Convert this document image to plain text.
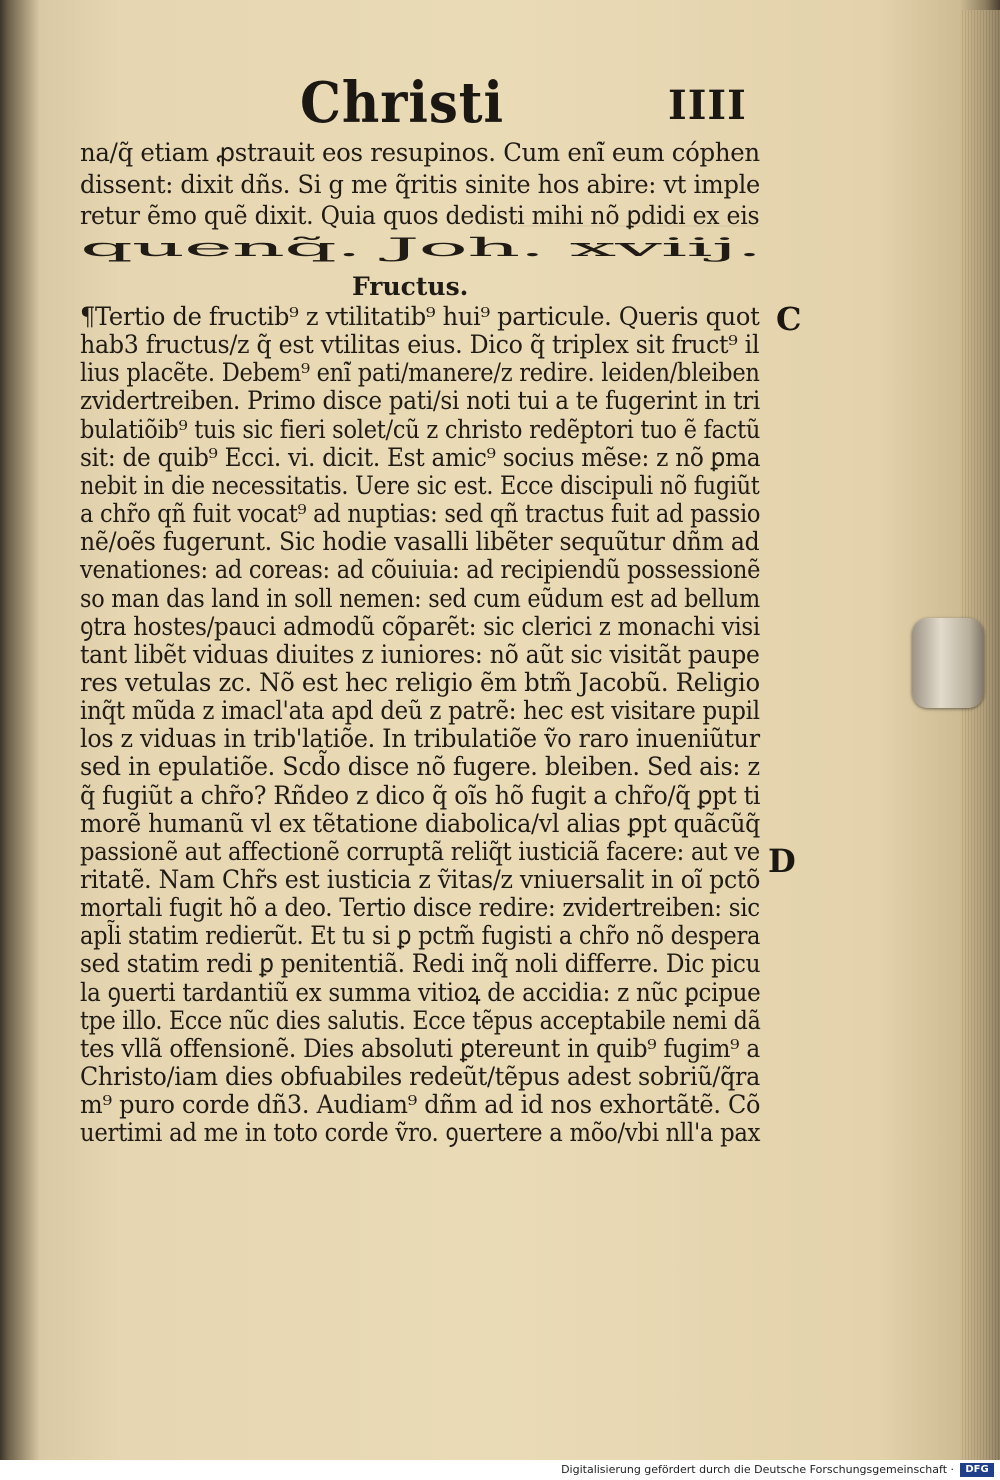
Christi	IIII
na/q̃ etiam ꝓstrauit eos resupinos. Cum eni̇̃ eum cóphen
dissent: dixit dñs. Si g me q̃ritis sinite hos abire: vt imple
retur ẽmo quẽ dixit. Quia quos dedisti mihi nõ ꝑdidi ex eis
quenq̃. Joh. xviij.
Fructus.
¶Tertio de fructib⁹ z vtilitatib⁹ hui⁹ particule. Queris quot
hab3 fructus/z q̃ est vtilitas eius. Dico q̃ triplex sit fruct⁹ il
lius placẽte. Debem⁹ eni̇̃ pati/manere/z redire. leiden/bleiben
zvidertreiben. Primo disce pati/si noti tui a te fugerint in tri
bulatiõib⁹ tuis sic fieri solet/cũ z christo redẽptori tuo ẽ factũ
sit: de quib⁹ Ecci. vi. dicit. Est amic⁹ socius mẽse: z nõ ꝑma
nebit in die necessitatis. Uere sic est. Ecce discipuli nõ fugiũt
a chr̃o qñ fuit vocat⁹ ad nuptias: sed qñ tractus fuit ad passio
nẽ/oẽs fugerunt. Sic hodie vasalli libẽter sequũtur dñm ad
venationes: ad coreas: ad cõuiuia: ad recipiendũ possessionẽ
so man das land in soll nemen: sed cum eũdum est ad bellum
ꝯtra hostes/pauci admodũ cõparẽt: sic clerici z monachi visi
tant libẽt viduas diuites z iuniores: nõ aũt sic visitãt paupe
res vetulas zc. Nõ est hec religio ẽm btm̃ Jacobũ. Religio
inq̃t mũda z imacl'ata apd deũ z patrẽ: hec est visitare pupil
los z viduas in trib'latiõe. In tribulatiõe ṽo raro inueniũtur
sed in epulatiõe. Scd̃o disce nõ fugere. bleiben. Sed ais: z
q̃ fugiũt a chr̃o? Rñdeo z dico q̃ oĩs hõ fugit a chr̃o/q̃ ꝑpt ti
morẽ humanũ vl ex tẽtatione diabolica/vl alias ꝑpt quãcũq̃
passionẽ aut affectionẽ corruptã reliq̃t iusticiã facere: aut ve
ritatẽ. Nam Chr̃s est iusticia z ṽitas/z vniuersalit in oĩ pctõ
mortali fugit hõ a deo. Tertio disce redire: zvidertreiben: sic
apl̃i statim redierũt. Et tu si ꝑ pctm̃ fugisti a chr̃o nõ despera
sed statim redi ꝑ penitentiã. Redi inq̃ noli differre. Dic picu
la ꝯuerti tardantiũ ex summa vitioꝝ de accidia: z nũc ꝑcipue
tpe illo. Ecce nũc dies salutis. Ecce tẽpus acceptabile nemi dã
tes vllã offensionẽ. Dies absoluti ꝑtereunt in quib⁹ fugim⁹ a
Christo/iam dies obfuabiles redeũt/tẽpus adest sobriũ/q̃ra
m⁹ puro corde dñ3. Audiam⁹ dñm ad id nos exhortãtẽ. Cõ
uertimi ad me in toto corde ṽro. ꝯuertere a mõo/vbi nll'a pax
C
D
Digitalisierung gefördert durch die Deutsche Forschungsgemeinschaft ·	DFG
